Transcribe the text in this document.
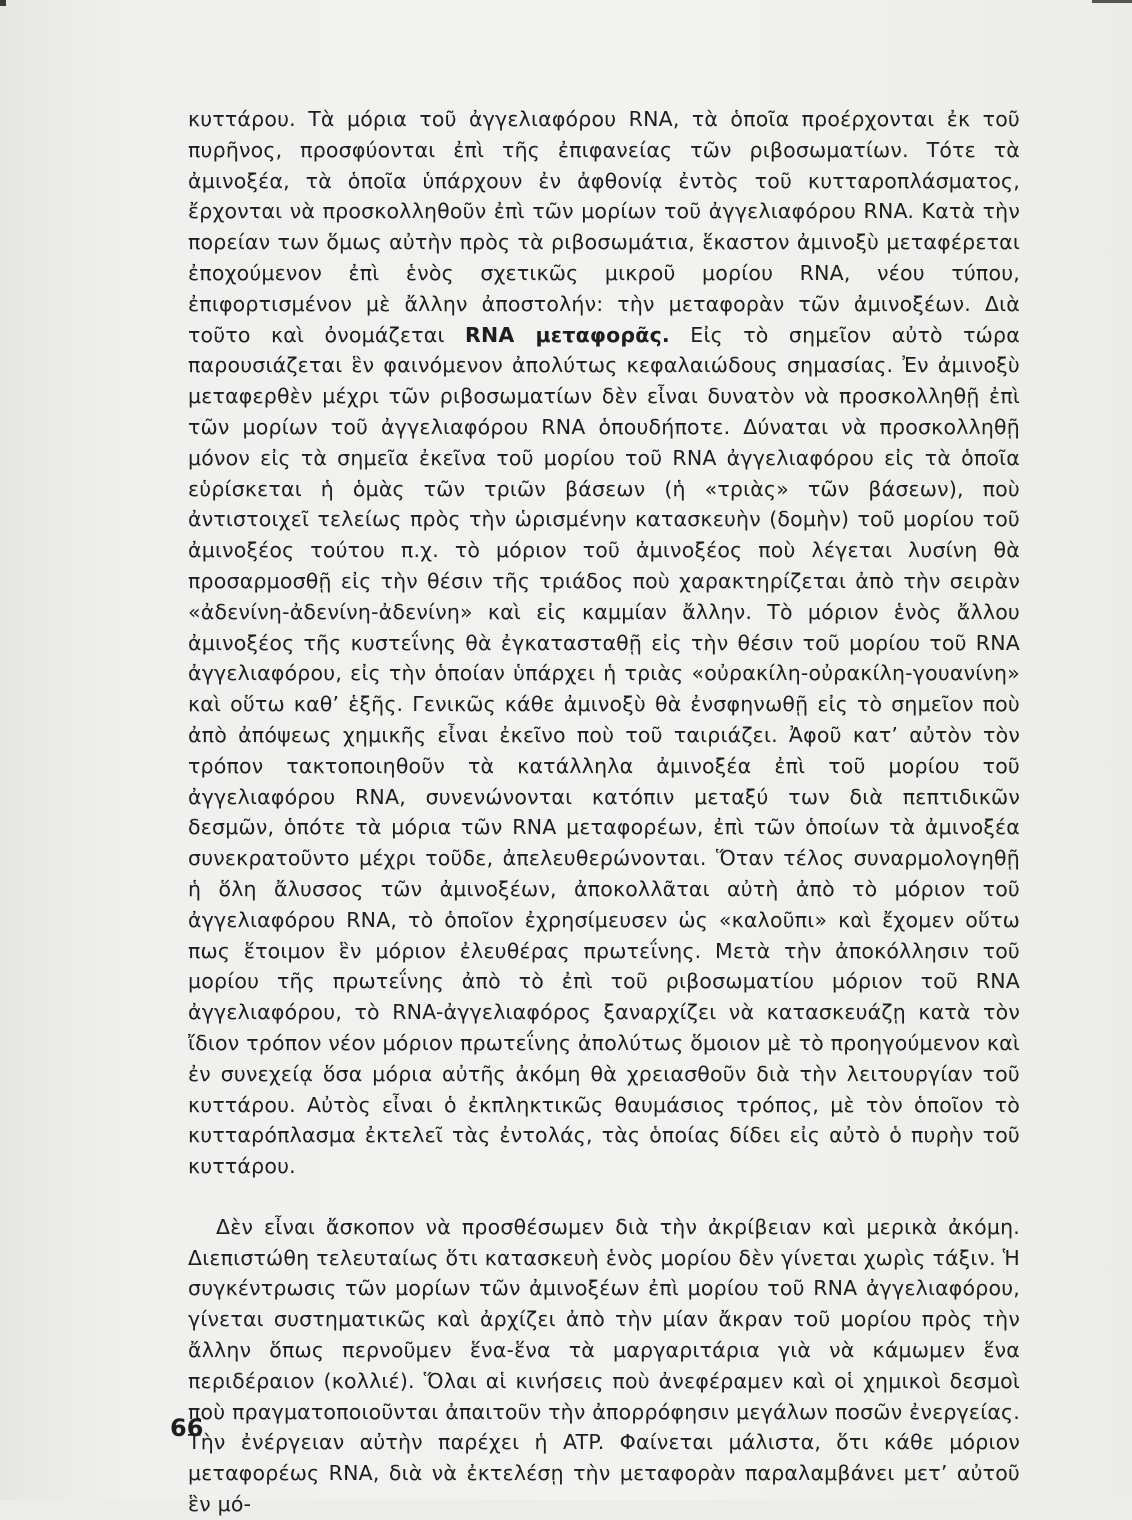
κυττάρου. Τὰ μόρια τοῦ ἀγγελιαφόρου RNA, τὰ ὁποῖα προέρχονται ἐκ τοῦ πυρῆνος, προσφύονται ἐπὶ τῆς ἐπιφανείας τῶν ριβοσωματίων. Τότε τὰ ἀμινοξέα, τὰ ὁποῖα ὑπάρχουν ἐν ἀφθονίᾳ ἐντὸς τοῦ κυτταροπλάσματος, ἔρχονται νὰ προσκολληθοῦν ἐπὶ τῶν μορίων τοῦ ἀγγελιαφόρου RNA. Κατὰ τὴν πορείαν των ὅμως αὐτὴν πρὸς τὰ ριβοσωμάτια, ἕκαστον ἀμινοξὺ μεταφέρεται ἐποχούμενον ἐπὶ ἑνὸς σχετικῶς μικροῦ μορίου RNA, νέου τύπου, ἐπιφορτισμένον μὲ ἄλλην ἀποστολήν: τὴν μεταφορὰν τῶν ἀμινοξέων. Διὰ τοῦτο καὶ ὀνομάζεται RNA μεταφορᾶς. Εἰς τὸ σημεῖον αὐτὸ τώρα παρουσιάζεται ἓν φαινόμενον ἀπολύτως κεφαλαιώδους σημασίας. Ἐν ἀμινοξὺ μεταφερθὲν μέχρι τῶν ριβοσωματίων δὲν εἶναι δυνατὸν νὰ προσκολληθῇ ἐπὶ τῶν μορίων τοῦ ἀγγελιαφόρου RNA ὁπουδήποτε. Δύναται νὰ προσκολληθῇ μόνον εἰς τὰ σημεῖα ἐκεῖνα τοῦ μορίου τοῦ RNA ἀγγελιαφόρου εἰς τὰ ὁποῖα εὑρίσκεται ἡ ὁμὰς τῶν τριῶν βάσεων (ἡ «τριὰς» τῶν βάσεων), ποὺ ἀντιστοιχεῖ τελείως πρὸς τὴν ὡρισμένην κατασκευὴν (δομὴν) τοῦ μορίου τοῦ ἀμινοξέος τούτου π.χ. τὸ μόριον τοῦ ἀμινοξέος ποὺ λέγεται λυσίνη θὰ προσαρμοσθῇ εἰς τὴν θέσιν τῆς τριάδος ποὺ χαρακτηρίζεται ἀπὸ τὴν σειρὰν «ἀδενίνη-ἀδενίνη-ἀδενίνη» καὶ εἰς καμμίαν ἄλλην. Τὸ μόριον ἑνὸς ἄλλου ἀμινοξέος τῆς κυστεΐνης θὰ ἐγκατασταθῇ εἰς τὴν θέσιν τοῦ μορίου τοῦ RNA ἀγγελιαφόρου, εἰς τὴν ὁποίαν ὑπάρχει ἡ τριὰς «οὐρακίλη-οὐρακίλη-γουανίνη» καὶ οὕτω καθ’ ἑξῆς. Γενικῶς κάθε ἀμινοξὺ θὰ ἐνσφηνωθῇ εἰς τὸ σημεῖον ποὺ ἀπὸ ἀπόψεως χημικῆς εἶναι ἐκεῖνο ποὺ τοῦ ταιριάζει. Ἀφοῦ κατ’ αὐτὸν τὸν τρόπον τακτοποιηθοῦν τὰ κατάλληλα ἀμινοξέα ἐπὶ τοῦ μορίου τοῦ ἀγγελιαφόρου RNA, συνενώνονται κατόπιν μεταξύ των διὰ πεπτιδικῶν δεσμῶν, ὁπότε τὰ μόρια τῶν RNA μεταφορέων, ἐπὶ τῶν ὁποίων τὰ ἀμινοξέα συνεκρατοῦντο μέχρι τοῦδε, ἀπελευθερώνονται. Ὅταν τέλος συναρμολογηθῇ ἡ ὅλη ἄλυσσος τῶν ἀμινοξέων, ἀποκολλᾶται αὐτὴ ἀπὸ τὸ μόριον τοῦ ἀγγελιαφόρου RNA, τὸ ὁποῖον ἐχρησίμευσεν ὡς «καλοῦπι» καὶ ἔχομεν οὕτω πως ἕτοιμον ἓν μόριον ἐλευθέρας πρωτεΐνης. Μετὰ τὴν ἀποκόλλησιν τοῦ μορίου τῆς πρωτεΐνης ἀπὸ τὸ ἐπὶ τοῦ ριβοσωματίου μόριον τοῦ RNA ἀγγελιαφόρου, τὸ RNA-ἀγγελιαφόρος ξαναρχίζει νὰ κατασκευάζῃ κατὰ τὸν ἴδιον τρόπον νέον μόριον πρωτεΐνης ἀπολύτως ὅμοιον μὲ τὸ προηγούμενον καὶ ἐν συνεχείᾳ ὅσα μόρια αὐτῆς ἀκόμη θὰ χρειασθοῦν διὰ τὴν λειτουργίαν τοῦ κυττάρου. Αὐτὸς εἶναι ὁ ἐκπληκτικῶς θαυμάσιος τρόπος, μὲ τὸν ὁποῖον τὸ κυτταρόπλασμα ἐκτελεῖ τὰς ἐντολάς, τὰς ὁποίας δίδει εἰς αὐτὸ ὁ πυρὴν τοῦ κυττάρου.

Δὲν εἶναι ἄσκοπον νὰ προσθέσωμεν διὰ τὴν ἀκρίβειαν καὶ μερικὰ ἀκόμη. Διεπιστώθη τελευταίως ὅτι κατασκευὴ ἑνὸς μορίου δὲν γίνεται χωρὶς τάξιν. Ἡ συγκέντρωσις τῶν μορίων τῶν ἀμινοξέων ἐπὶ μορίου τοῦ RNA ἀγγελιαφόρου, γίνεται συστηματικῶς καὶ ἀρχίζει ἀπὸ τὴν μίαν ἄκραν τοῦ μορίου πρὸς τὴν ἄλλην ὅπως περνοῦμεν ἕνα-ἕνα τὰ μαργαριτάρια γιὰ νὰ κάμωμεν ἕνα περιδέραιον (κολλιέ). Ὅλαι αἱ κινήσεις ποὺ ἀνεφέραμεν καὶ οἱ χημικοὶ δεσμοὶ ποὺ πραγματοποιοῦνται ἀπαιτοῦν τὴν ἀπορρόφησιν μεγάλων ποσῶν ἐνεργείας. Τὴν ἐνέργειαν αὐτὴν παρέχει ἡ ATP. Φαίνεται μάλιστα, ὅτι κάθε μόριον μεταφορέως RNA, διὰ νὰ ἐκτελέσῃ τὴν μεταφορὰν παραλαμβάνει μετ’ αὐτοῦ ἓν μό-

66
